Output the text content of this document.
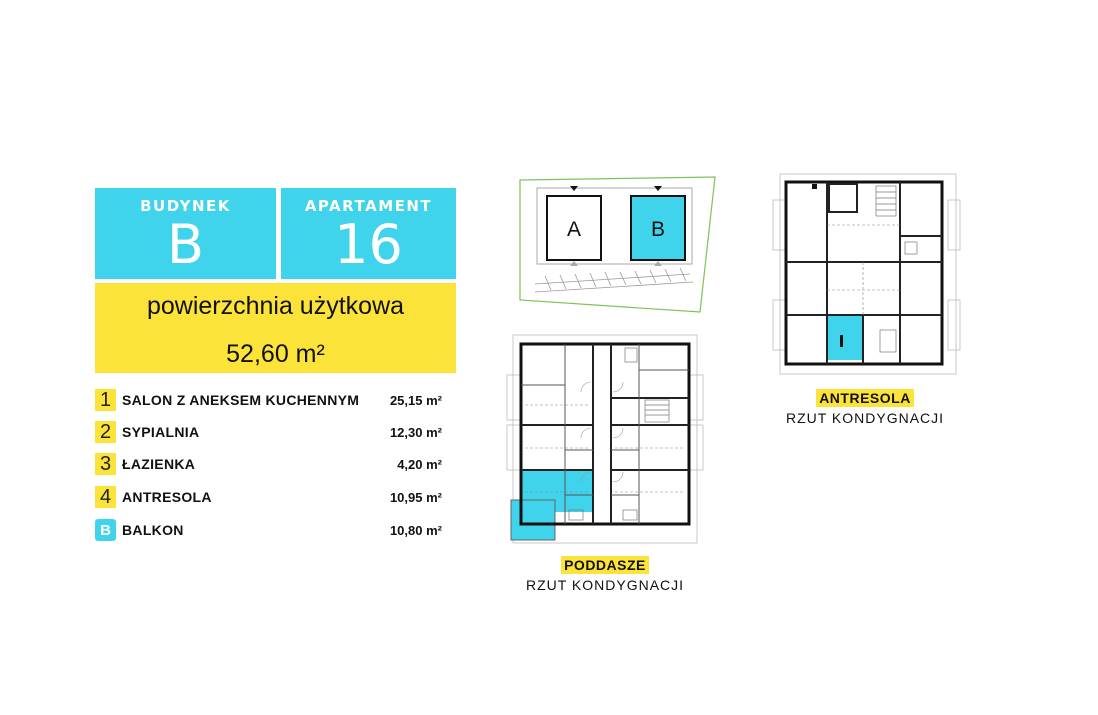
BUDYNEK
B
APARTAMENT
16
powierzchnia użytkowa
52,60 m²
1 SALON Z ANEKSEM KUCHENNYM	25,15 m²
2 SYPIALNIA	12,30 m²
3 ŁAZIENKA	4,20 m²
4 ANTRESOLA	10,95 m²
B BALKON	10,80 m²
A	B
PODDASZE
RZUT KONDYGNACJI
ANTRESOLA
RZUT KONDYGNACJI
